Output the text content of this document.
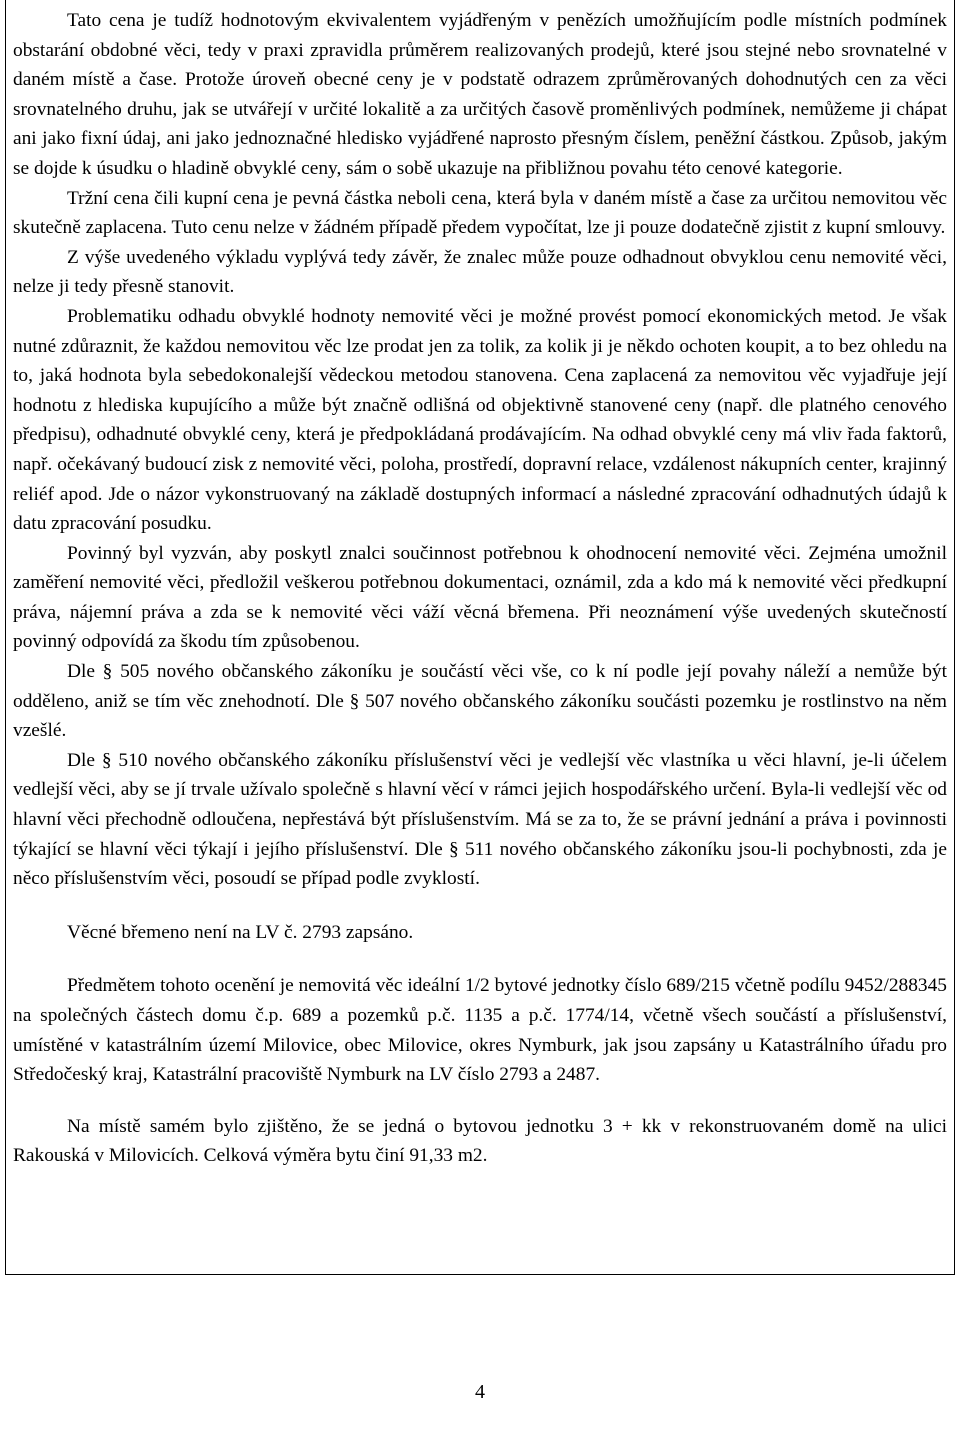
Tato cena je tudíž hodnotovým ekvivalentem vyjádřeným v penězích umožňujícím podle místních podmínek obstarání obdobné věci, tedy v praxi zpravidla průměrem realizovaných prodejů, které jsou stejné nebo srovnatelné v daném místě a čase. Protože úroveň obecné ceny je v podstatě odrazem zprůměrovaných dohodnutých cen za věci srovnatelného druhu, jak se utvářejí v určité lokalitě a za určitých časově proměnlivých podmínek, nemůžeme ji chápat ani jako fixní údaj, ani jako jednoznačné hledisko vyjádřené naprosto přesným číslem, peněžní částkou. Způsob, jakým se dojde k úsudku o hladině obvyklé ceny, sám o sobě ukazuje na přibližnou povahu této cenové kategorie.

Tržní cena čili kupní cena je pevná částka neboli cena, která byla v daném místě a čase za určitou nemovitou věc skutečně zaplacena. Tuto cenu nelze v žádném případě předem vypočítat, lze ji pouze dodatečně zjistit z kupní smlouvy.

Z výše uvedeného výkladu vyplývá tedy závěr, že znalec může pouze odhadnout obvyklou cenu nemovité věci, nelze ji tedy přesně stanovit.

Problematiku odhadu obvyklé hodnoty nemovité věci je možné provést pomocí ekonomických metod. Je však nutné zdůraznit, že každou nemovitou věc lze prodat jen za tolik, za kolik ji je někdo ochoten koupit, a to bez ohledu na to, jaká hodnota byla sebedokonalejší vědeckou metodou stanovena. Cena zaplacená za nemovitou věc vyjadřuje její hodnotu z hlediska kupujícího a může být značně odlišná od objektivně stanovené ceny (např. dle platného cenového předpisu), odhadnuté obvyklé ceny, která je předpokládaná prodávajícím. Na odhad obvyklé ceny má vliv řada faktorů, např. očekávaný budoucí zisk z nemovité věci, poloha, prostředí, dopravní relace, vzdálenost nákupních center, krajinný reliéf apod. Jde o názor vykonstruovaný na základě dostupných informací a následné zpracování odhadnutých údajů k datu zpracování posudku.

Povinný byl vyzván, aby poskytl znalci součinnost potřebnou k ohodnocení nemovité věci. Zejména umožnil zaměření nemovité věci, předložil veškerou potřebnou dokumentaci, oznámil, zda a kdo má k nemovité věci předkupní práva, nájemní práva a zda se k nemovité věci váží věcná břemena. Při neoznámení výše uvedených skutečností povinný odpovídá za škodu tím způsobenou.

Dle § 505 nového občanského zákoníku je součástí věci vše, co k ní podle její povahy náleží a nemůže být odděleno, aniž se tím věc znehodnotí. Dle § 507 nového občanského zákoníku součásti pozemku je rostlinstvo na něm vzešlé.

Dle § 510 nového občanského zákoníku příslušenství věci je vedlejší věc vlastníka u věci hlavní, je-li účelem vedlejší věci, aby se jí trvale užívalo společně s hlavní věcí v rámci jejich hospodářského určení. Byla-li vedlejší věc od hlavní věci přechodně odloučena, nepřestává být příslušenstvím. Má se za to, že se právní jednání a práva i povinnosti týkající se hlavní věci týkají i jejího příslušenství. Dle § 511 nového občanského zákoníku jsou-li pochybnosti, zda je něco příslušenstvím věci, posoudí se případ podle zvyklostí.

Věcné břemeno není na LV č. 2793 zapsáno.

Předmětem tohoto ocenění je nemovitá věc ideální 1/2 bytové jednotky číslo 689/215 včetně podílu 9452/288345 na společných částech domu č.p. 689 a pozemků p.č. 1135 a p.č. 1774/14, včetně všech součástí a příslušenství, umístěné v katastrálním území Milovice, obec Milovice, okres Nymburk, jak jsou zapsány u Katastrálního úřadu pro Středočeský kraj, Katastrální pracoviště Nymburk na LV číslo 2793 a 2487.

Na místě samém bylo zjištěno, že se jedná o bytovou jednotku 3 + kk v rekonstruovaném domě na ulici Rakouská v Milovicích. Celková výměra bytu činí 91,33 m2.

4
